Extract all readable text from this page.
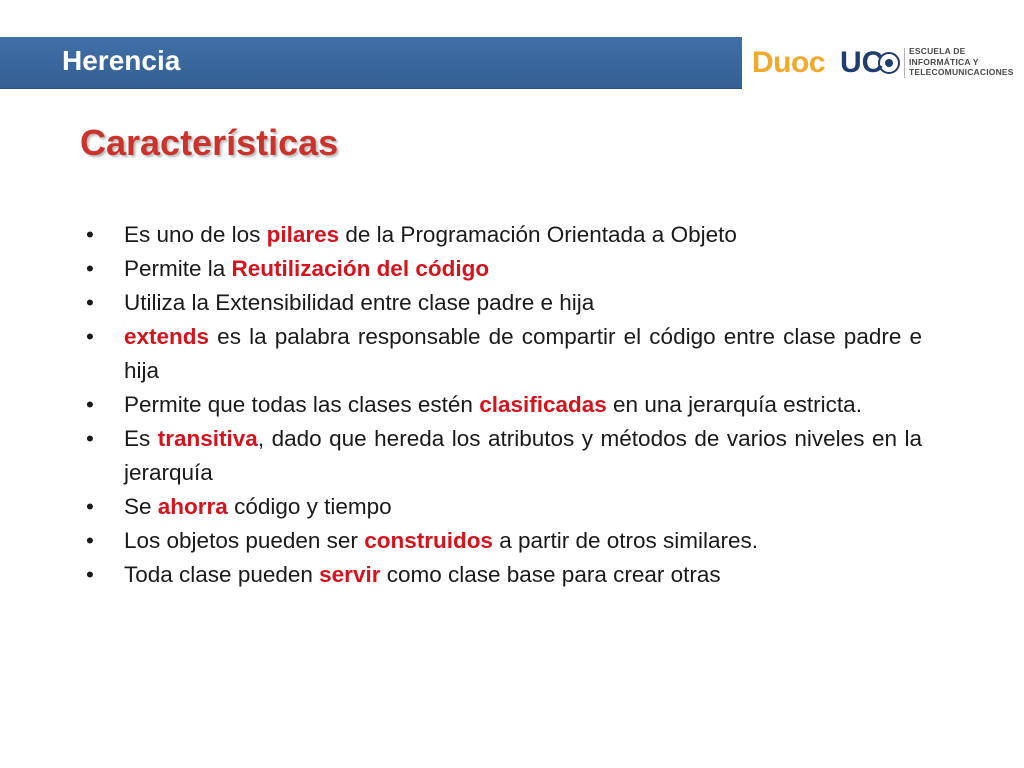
Herencia	Duoc UC	ESCUELA DE
INFORMÁTICA Y
TELECOMUNICACIONES
Características
• Es uno de los pilares de la Programación Orientada a Objeto
• Permite la Reutilización del código
• Utiliza la Extensibilidad entre clase padre e hija
• extends es la palabra responsable de compartir el código entre clase padre e hija
• Permite que todas las clases estén clasificadas en una jerarquía estricta.
• Es transitiva, dado que hereda los atributos y métodos de varios niveles en la jerarquía
• Se ahorra código y tiempo
• Los objetos pueden ser construidos a partir de otros similares.
• Toda clase pueden servir como clase base para crear otras
